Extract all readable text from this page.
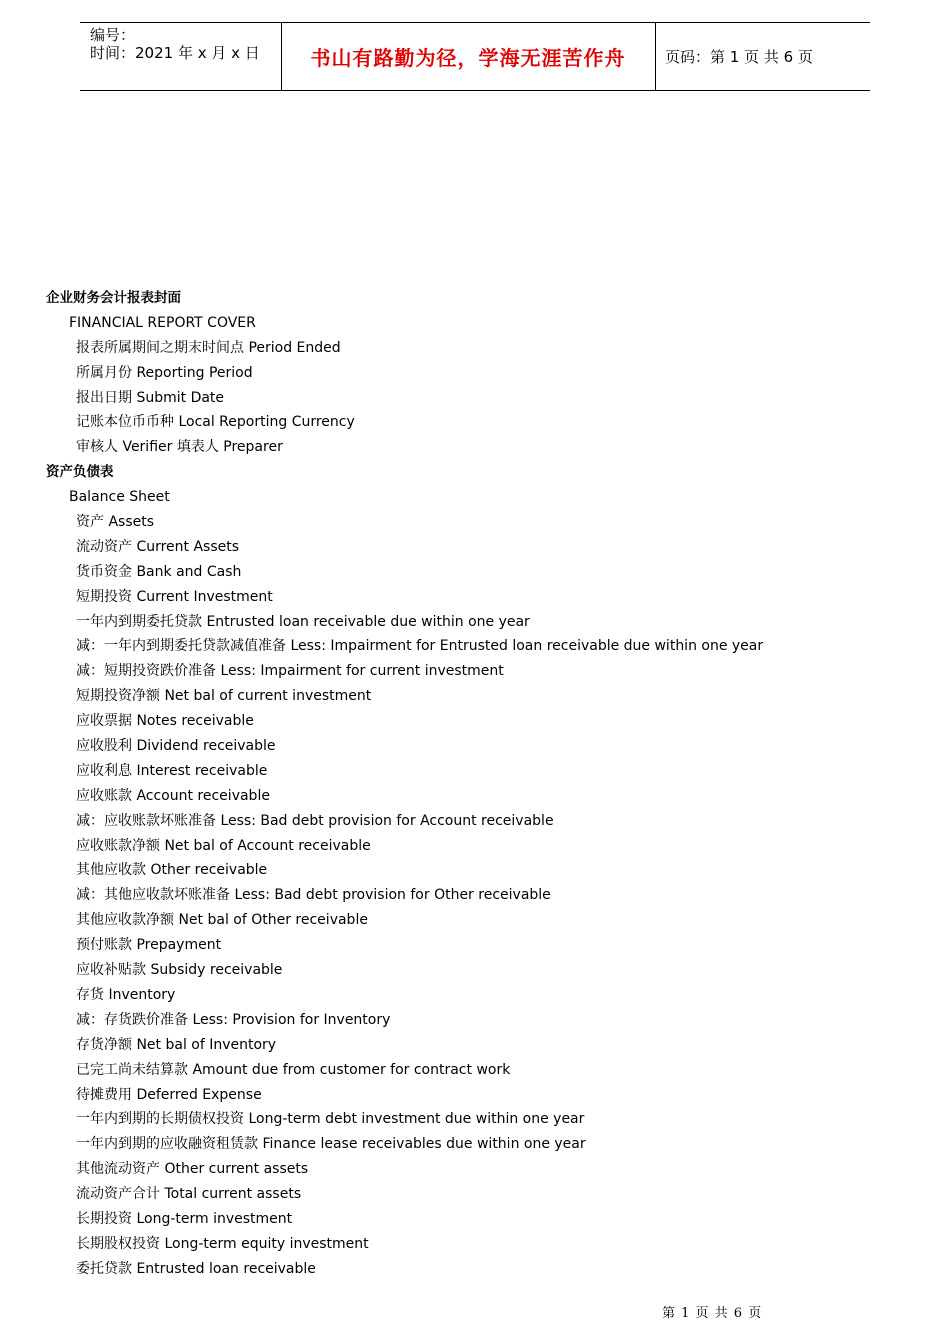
编号：
时间：2021 年 x 月 x 日	书山有路勤为径，学海无涯苦作舟	页码：第 1 页 共 6 页
企业财务会计报表封面
FINANCIAL REPORT COVER
报表所属期间之期末时间点 Period Ended
所属月份 Reporting Period
报出日期 Submit Date
记账本位币币种 Local Reporting Currency
审核人 Verifier 填表人 Preparer
资产负债表
Balance Sheet
资产 Assets
流动资产 Current Assets
货币资金 Bank and Cash
短期投资 Current Investment
一年内到期委托贷款 Entrusted loan receivable due within one year
减：一年内到期委托贷款减值准备 Less: Impairment for Entrusted loan receivable due within one year
减：短期投资跌价准备 Less: Impairment for current investment
短期投资净额 Net bal of current investment
应收票据 Notes receivable
应收股利 Dividend receivable
应收利息 Interest receivable
应收账款 Account receivable
减：应收账款坏账准备 Less: Bad debt provision for Account receivable
应收账款净额 Net bal of Account receivable
其他应收款 Other receivable
减：其他应收款坏账准备 Less: Bad debt provision for Other receivable
其他应收款净额 Net bal of Other receivable
预付账款 Prepayment
应收补贴款 Subsidy receivable
存货 Inventory
减：存货跌价准备 Less: Provision for Inventory
存货净额 Net bal of Inventory
已完工尚未结算款 Amount due from customer for contract work
待摊费用 Deferred Expense
一年内到期的长期债权投资 Long-term debt investment due within one year
一年内到期的应收融资租赁款 Finance lease receivables due within one year
其他流动资产 Other current assets
流动资产合计 Total current assets
长期投资 Long-term investment
长期股权投资 Long-term equity investment
委托贷款 Entrusted loan receivable
第 1 页 共 6 页
